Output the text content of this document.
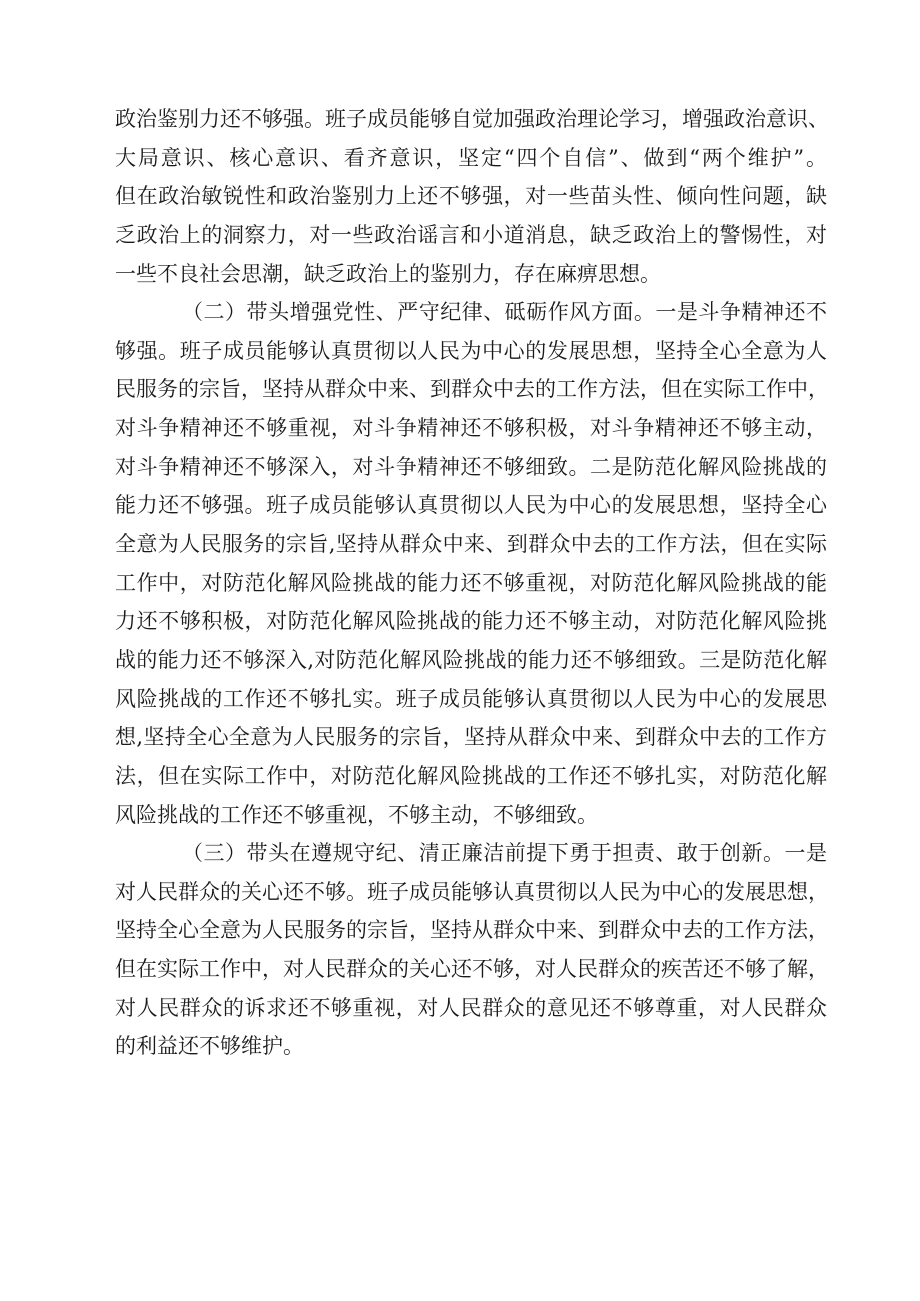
政治鉴别力还不够强。班子成员能够自觉加强政治理论学习，增强政治意识、
大局意识、核心意识、看齐意识，坚定“四个自信”、做到“两个维护”。
但在政治敏锐性和政治鉴别力上还不够强，对一些苗头性、倾向性问题，缺
乏政治上的洞察力，对一些政治谣言和小道消息，缺乏政治上的警惕性，对
一些不良社会思潮，缺乏政治上的鉴别力，存在麻痹思想。
（二）带头增强党性、严守纪律、砥砺作风方面。一是斗争精神还不
够强。班子成员能够认真贯彻以人民为中心的发展思想，坚持全心全意为人
民服务的宗旨，坚持从群众中来、到群众中去的工作方法，但在实际工作中，
对斗争精神还不够重视，对斗争精神还不够积极，对斗争精神还不够主动，
对斗争精神还不够深入，对斗争精神还不够细致。二是防范化解风险挑战的
能力还不够强。班子成员能够认真贯彻以人民为中心的发展思想，坚持全心
全意为人民服务的宗旨,坚持从群众中来、到群众中去的工作方法，但在实际
工作中，对防范化解风险挑战的能力还不够重视，对防范化解风险挑战的能
力还不够积极，对防范化解风险挑战的能力还不够主动，对防范化解风险挑
战的能力还不够深入,对防范化解风险挑战的能力还不够细致。三是防范化解
风险挑战的工作还不够扎实。班子成员能够认真贯彻以人民为中心的发展思
想,坚持全心全意为人民服务的宗旨，坚持从群众中来、到群众中去的工作方
法，但在实际工作中，对防范化解风险挑战的工作还不够扎实，对防范化解
风险挑战的工作还不够重视，不够主动，不够细致。
（三）带头在遵规守纪、清正廉洁前提下勇于担责、敢于创新。一是
对人民群众的关心还不够。班子成员能够认真贯彻以人民为中心的发展思想，
坚持全心全意为人民服务的宗旨，坚持从群众中来、到群众中去的工作方法，
但在实际工作中，对人民群众的关心还不够，对人民群众的疾苦还不够了解，
对人民群众的诉求还不够重视，对人民群众的意见还不够尊重，对人民群众
的利益还不够维护。
